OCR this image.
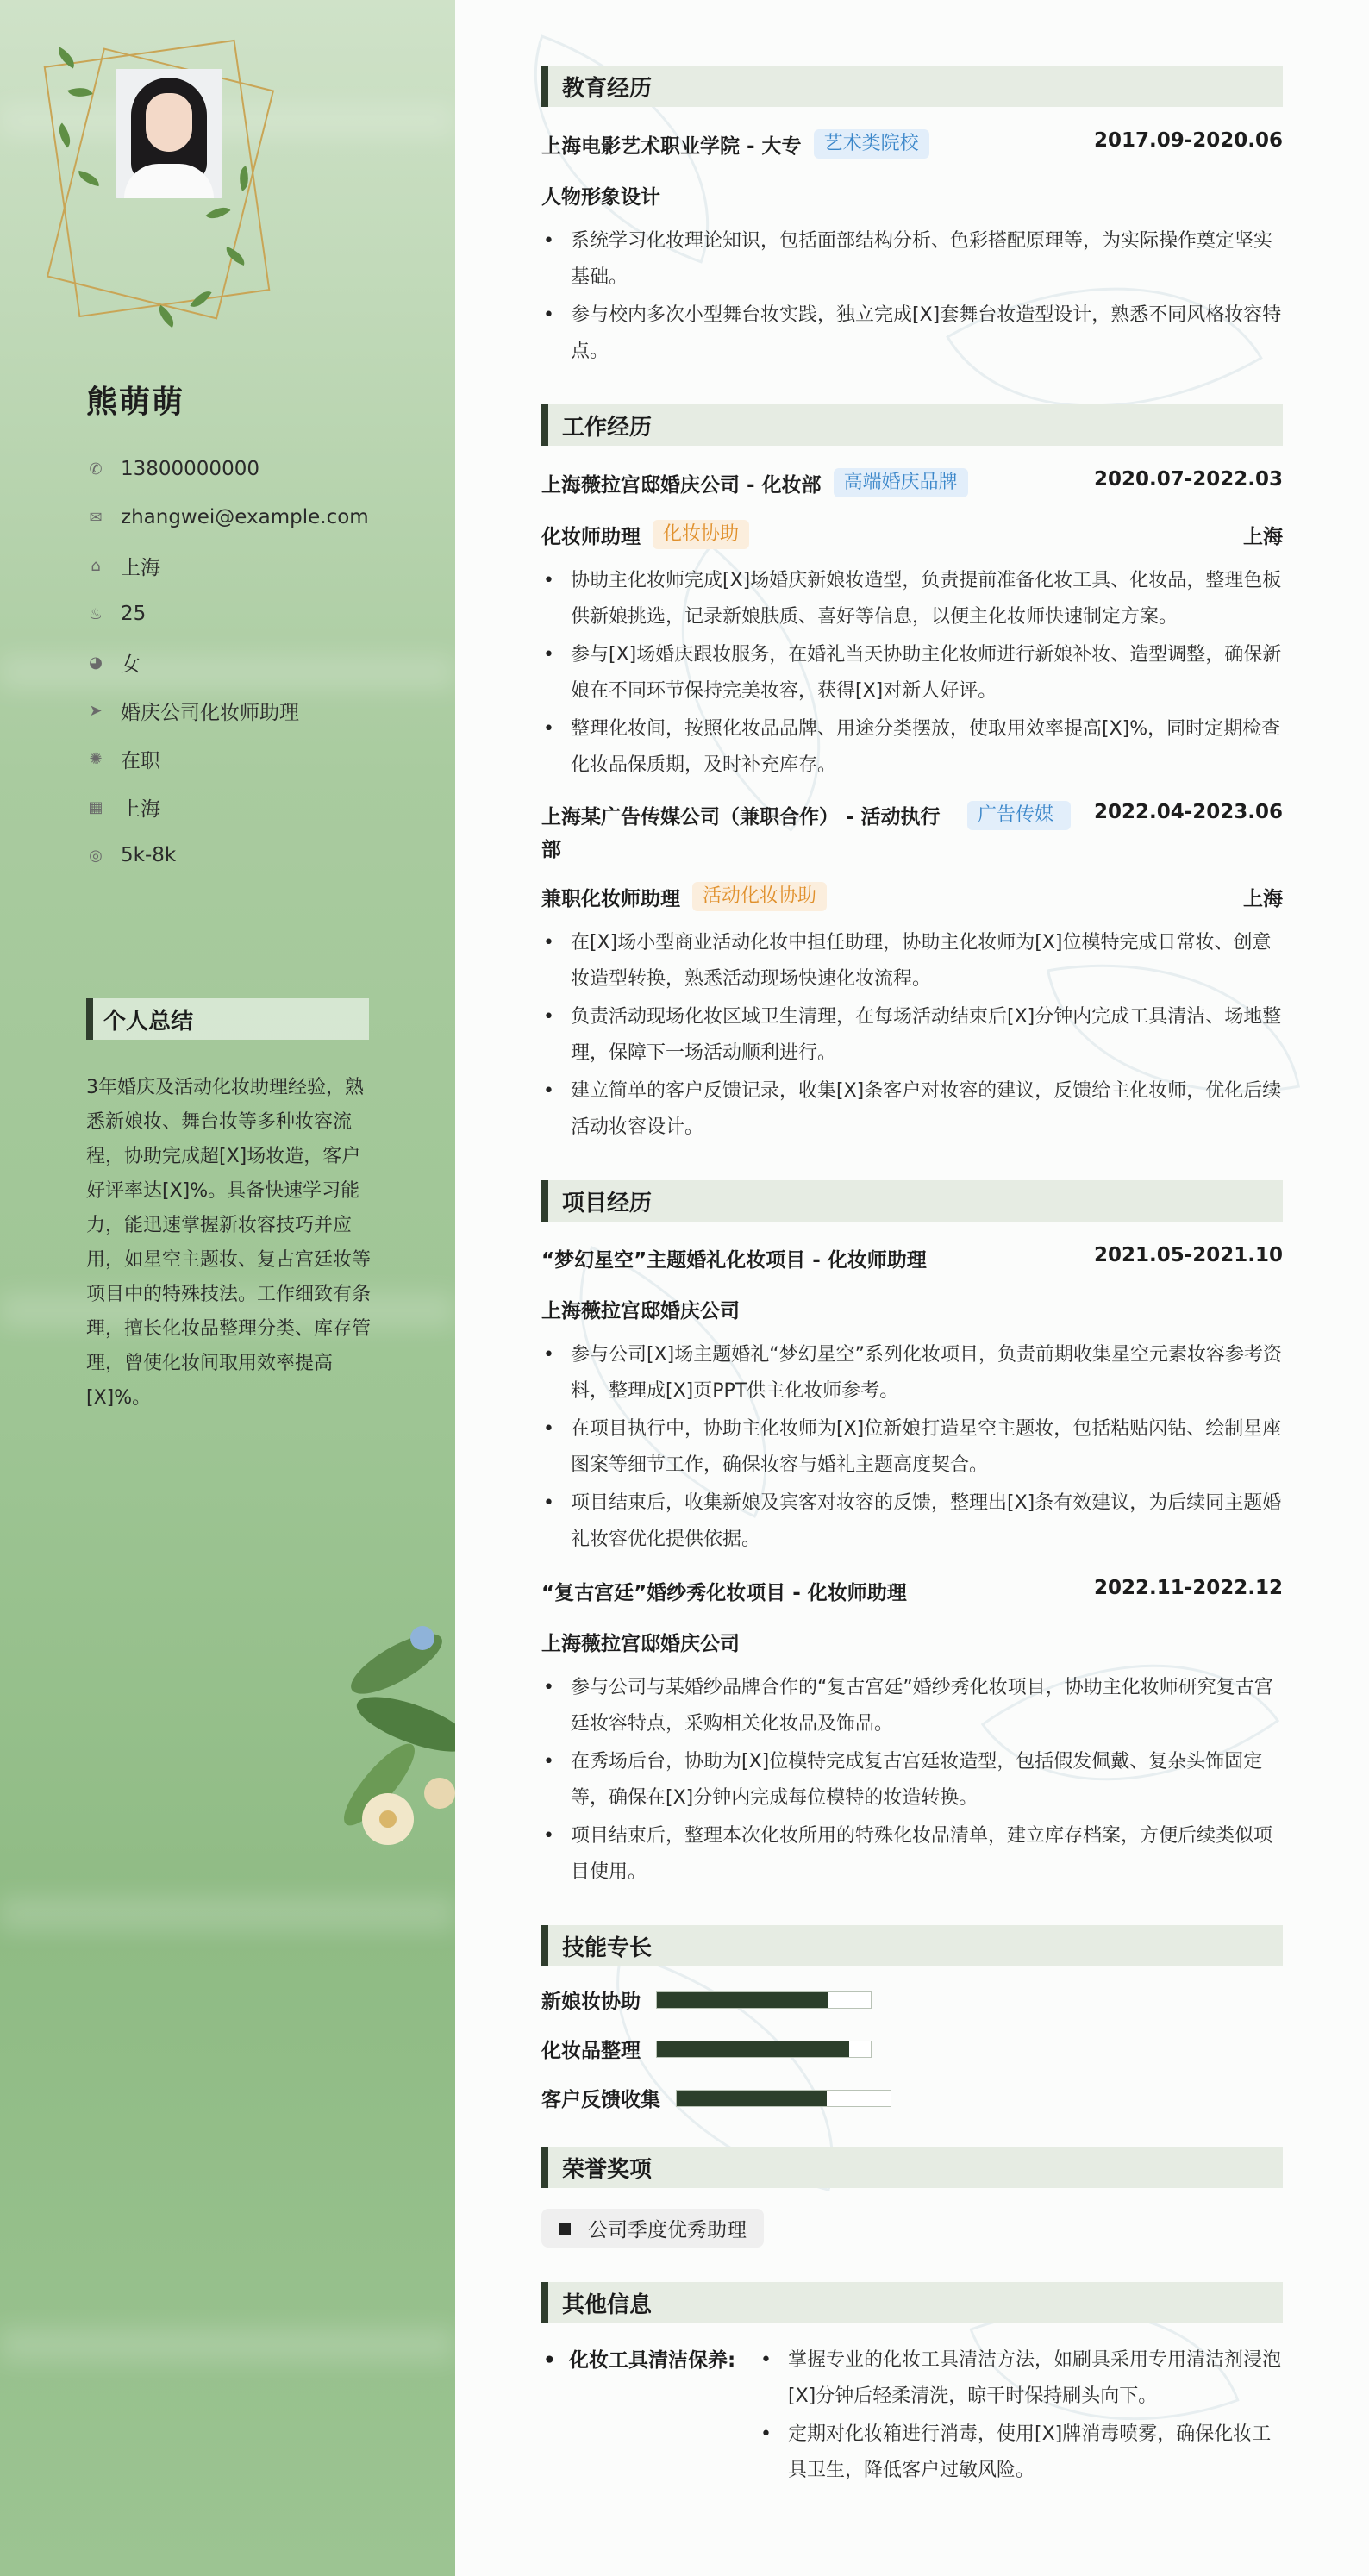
熊萌萌
✆ 13800000000
✉ zhangwei@example.com
⌂ 上海
♨ 25
◕ 女
➤ 婚庆公司化妆师助理
✺ 在职
▦ 上海
◎ 5k-8k
个人总结
3年婚庆及活动化妆助理经验，熟悉新娘妆、舞台妆等多种妆容流程，协助完成超[X]场妆造，客户好评率达[X]%。具备快速学习能力，能迅速掌握新妆容技巧并应用，如星空主题妆、复古宫廷妆等项目中的特殊技法。工作细致有条理，擅长化妆品整理分类、库存管理，曾使化妆间取用效率提高[X]%。
教育经历
上海电影艺术职业学院 - 大专	艺术类院校	2017.09-2020.06
人物形象设计
• 系统学习化妆理论知识，包括面部结构分析、色彩搭配原理等，为实际操作奠定坚实基础。
• 参与校内多次小型舞台妆实践，独立完成[X]套舞台妆造型设计，熟悉不同风格妆容特点。
工作经历
上海薇拉宫邸婚庆公司 - 化妆部	高端婚庆品牌	2020.07-2022.03
化妆师助理	化妆协助	上海
• 协助主化妆师完成[X]场婚庆新娘妆造型，负责提前准备化妆工具、化妆品，整理色板供新娘挑选，记录新娘肤质、喜好等信息，以便主化妆师快速制定方案。
• 参与[X]场婚庆跟妆服务，在婚礼当天协助主化妆师进行新娘补妆、造型调整，确保新娘在不同环节保持完美妆容，获得[X]对新人好评。
• 整理化妆间，按照化妆品品牌、用途分类摆放，使取用效率提高[X]%，同时定期检查化妆品保质期，及时补充库存。
上海某广告传媒公司（兼职合作） - 活动执行部
广告传媒	2022.04-2023.06
兼职化妆师助理	活动化妆协助	上海
• 在[X]场小型商业活动化妆中担任助理，协助主化妆师为[X]位模特完成日常妆、创意妆造型转换，熟悉活动现场快速化妆流程。
• 负责活动现场化妆区域卫生清理，在每场活动结束后[X]分钟内完成工具清洁、场地整理，保障下一场活动顺利进行。
• 建立简单的客户反馈记录，收集[X]条客户对妆容的建议，反馈给主化妆师，优化后续活动妆容设计。
项目经历
“梦幻星空”主题婚礼化妆项目 - 化妆师助理	2021.05-2021.10
上海薇拉宫邸婚庆公司
• 参与公司[X]场主题婚礼“梦幻星空”系列化妆项目，负责前期收集星空元素妆容参考资料，整理成[X]页PPT供主化妆师参考。
• 在项目执行中，协助主化妆师为[X]位新娘打造星空主题妆，包括粘贴闪钻、绘制星座图案等细节工作，确保妆容与婚礼主题高度契合。
• 项目结束后，收集新娘及宾客对妆容的反馈，整理出[X]条有效建议，为后续同主题婚礼妆容优化提供依据。
“复古宫廷”婚纱秀化妆项目 - 化妆师助理	2022.11-2022.12
上海薇拉宫邸婚庆公司
• 参与公司与某婚纱品牌合作的“复古宫廷”婚纱秀化妆项目，协助主化妆师研究复古宫廷妆容特点，采购相关化妆品及饰品。
• 在秀场后台，协助为[X]位模特完成复古宫廷妆造型，包括假发佩戴、复杂头饰固定等，确保在[X]分钟内完成每位模特的妆造转换。
• 项目结束后，整理本次化妆所用的特殊化妆品清单，建立库存档案，方便后续类似项目使用。
技能专长
新娘妆协助
化妆品整理
客户反馈收集
荣誉奖项
公司季度优秀助理
其他信息
• 化妆工具清洁保养:
•	掌握专业的化妆工具清洁方法，如刷具采用专用清洁剂浸泡[X]分钟后轻柔清洗，晾干时保持刷头向下。
• 定期对化妆箱进行消毒，使用[X]牌消毒喷雾，确保化妆工具卫生，降低客户过敏风险。
